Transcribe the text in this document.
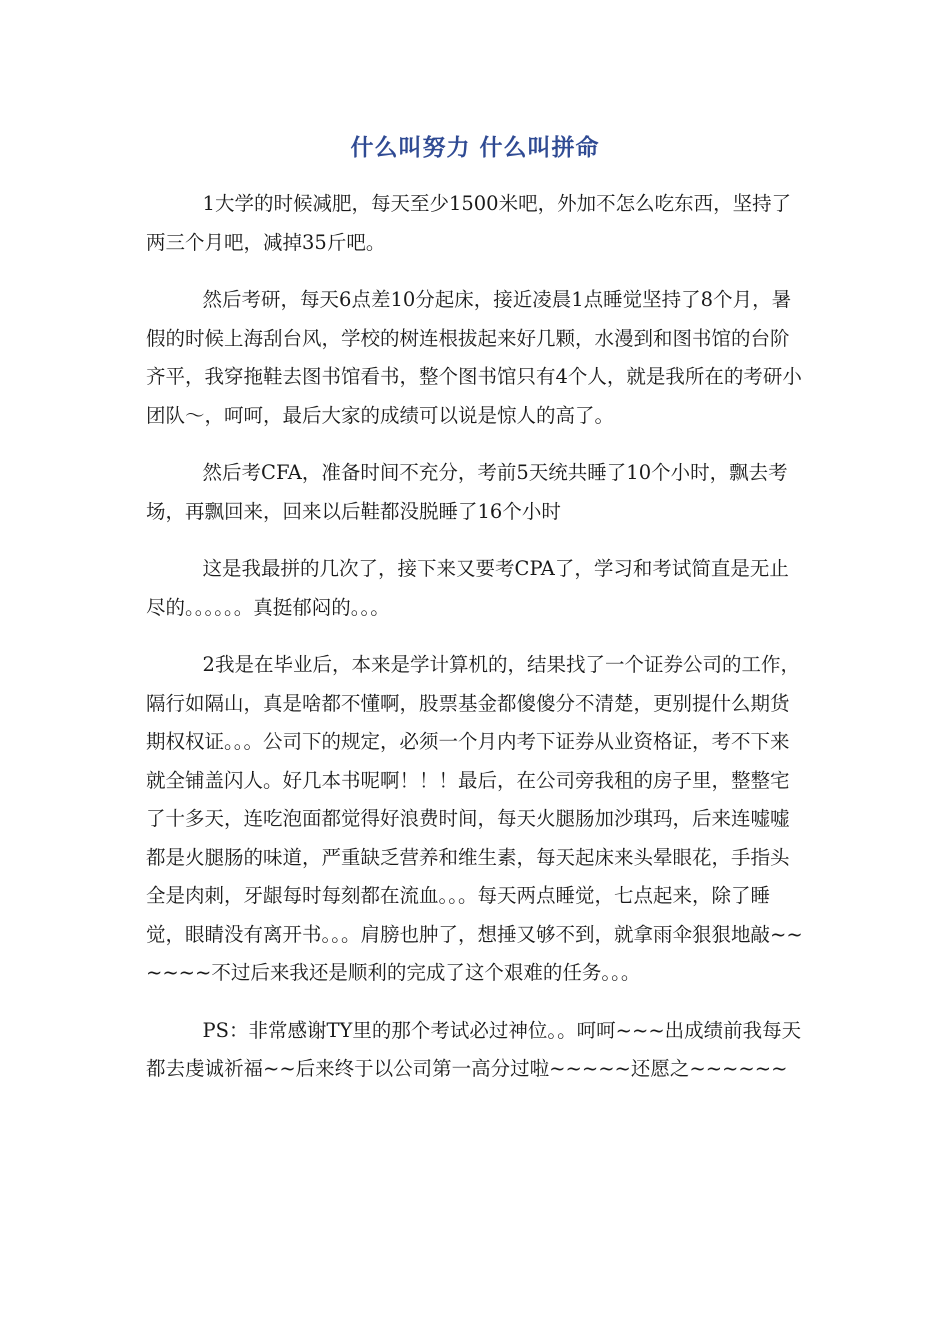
什么叫努力 什么叫拼命

1大学的时候减肥，每天至少1500米吧，外加不怎么吃东西，坚持了两三个月吧，减掉35斤吧。

然后考研，每天6点差10分起床，接近凌晨1点睡觉坚持了8个月，暑假的时候上海刮台风，学校的树连根拔起来好几颗，水漫到和图书馆的台阶齐平，我穿拖鞋去图书馆看书，整个图书馆只有4个人，就是我所在的考研小团队～，呵呵，最后大家的成绩可以说是惊人的高了。

然后考CFA，准备时间不充分，考前5天统共睡了10个小时，飘去考场，再飘回来，回来以后鞋都没脱睡了16个小时

这是我最拼的几次了，接下来又要考CPA了，学习和考试简直是无止尽的。。。。。。真挺郁闷的。。。

2我是在毕业后，本来是学计算机的，结果找了一个证券公司的工作，隔行如隔山，真是啥都不懂啊，股票基金都傻傻分不清楚，更别提什么期货期权权证。。。公司下的规定，必须一个月内考下证券从业资格证，考不下来就全铺盖闪人。好几本书呢啊！！！最后，在公司旁我租的房子里，整整宅了十多天，连吃泡面都觉得好浪费时间，每天火腿肠加沙琪玛，后来连嘘嘘都是火腿肠的味道，严重缺乏营养和维生素，每天起床来头晕眼花，手指头全是肉刺，牙龈每时每刻都在流血。。。每天两点睡觉，七点起来，除了睡觉，眼睛没有离开书。。。肩膀也肿了，想捶又够不到，就拿雨伞狠狠地敲~~~~~~不过后来我还是顺利的完成了这个艰难的任务。。。

PS：非常感谢TY里的那个考试必过神位。。呵呵~~~出成绩前我每天都去虔诚祈福~~后来终于以公司第一高分过啦~~~~~还愿之~~~~~~
